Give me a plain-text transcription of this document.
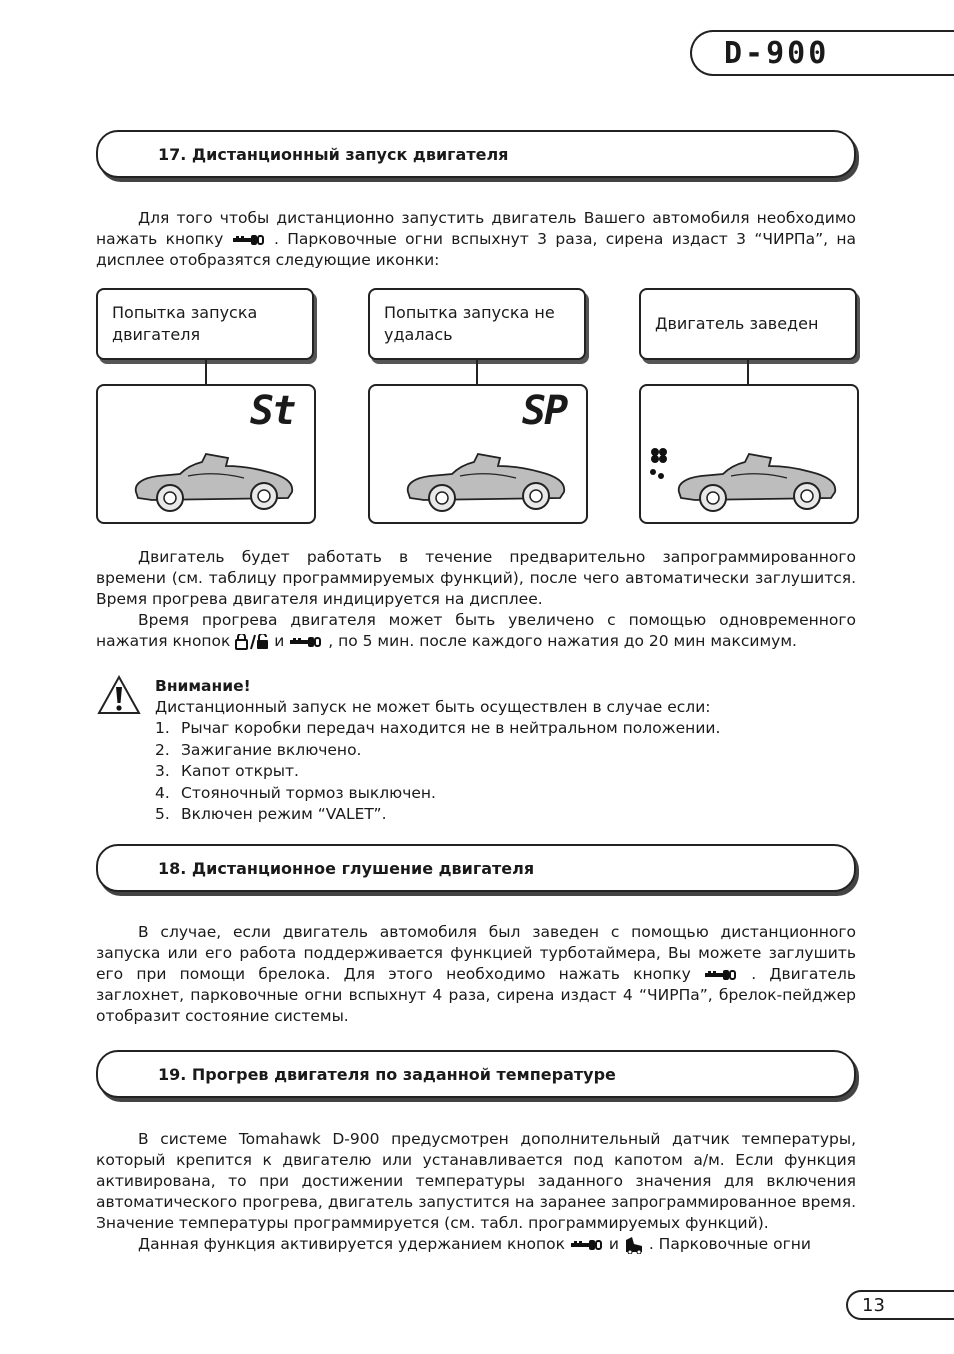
D-900
17. Дистанционный запуск двигателя

Для того чтобы дистанционно запустить двигатель Вашего автомобиля необходимо нажать кнопку	. Парковочные огни вспыхнут 3 раза, сирена издаст 3 “ЧИРПа”, на дисплее отобразятся следующие иконки:

Попытка запуска двигателя
Попытка запуска не удалась
Двигатель заведен
St	SP

Двигатель будет работать в течение предварительно запрограммированного времени (см. таблицу программируемых функций), после чего автоматически заглушится. Время прогрева двигателя индицируется на дисплее.

Время прогрева двигателя может быть увеличено с помощью одновременного нажатия кнопок	и	, по 5 мин. после каждого нажатия до 20 мин максимум.

Внимание!
Дистанционный запуск не может быть осуществлен в случае если:
1. Рычаг коробки передач находится не в нейтральном положении.
2. Зажигание включено.
3. Капот открыт.
4. Стояночный тормоз выключен.
5. Включен режим “VALET”.
18. Дистанционное глушение двигателя

В случае, если двигатель автомобиля был заведен с помощью дистанционного запуска или его работа поддерживается функцией турботаймера, Вы можете заглушить его при помощи брелока. Для этого необходимо нажать кнопку	. Двигатель заглохнет, парковочные огни вспыхнут 4 раза, сирена издаст 4 “ЧИРПа”, брелок-пейджер отобразит состояние системы.

19. Прогрев двигателя по заданной температуре

В системе Tomahawk D-900 предусмотрен дополнительный датчик температуры, который крепится к двигателю или устанавливается под капотом а/м. Если функция активирована, то при достижении температуры заданного значения для включения автоматического прогрева, двигатель запустится на заранее запрограммированное время. Значение температуры программируется (см. табл. программируемых функций).

Данная функция активируется удержанием кнопок	и . Парковочные огни

13
